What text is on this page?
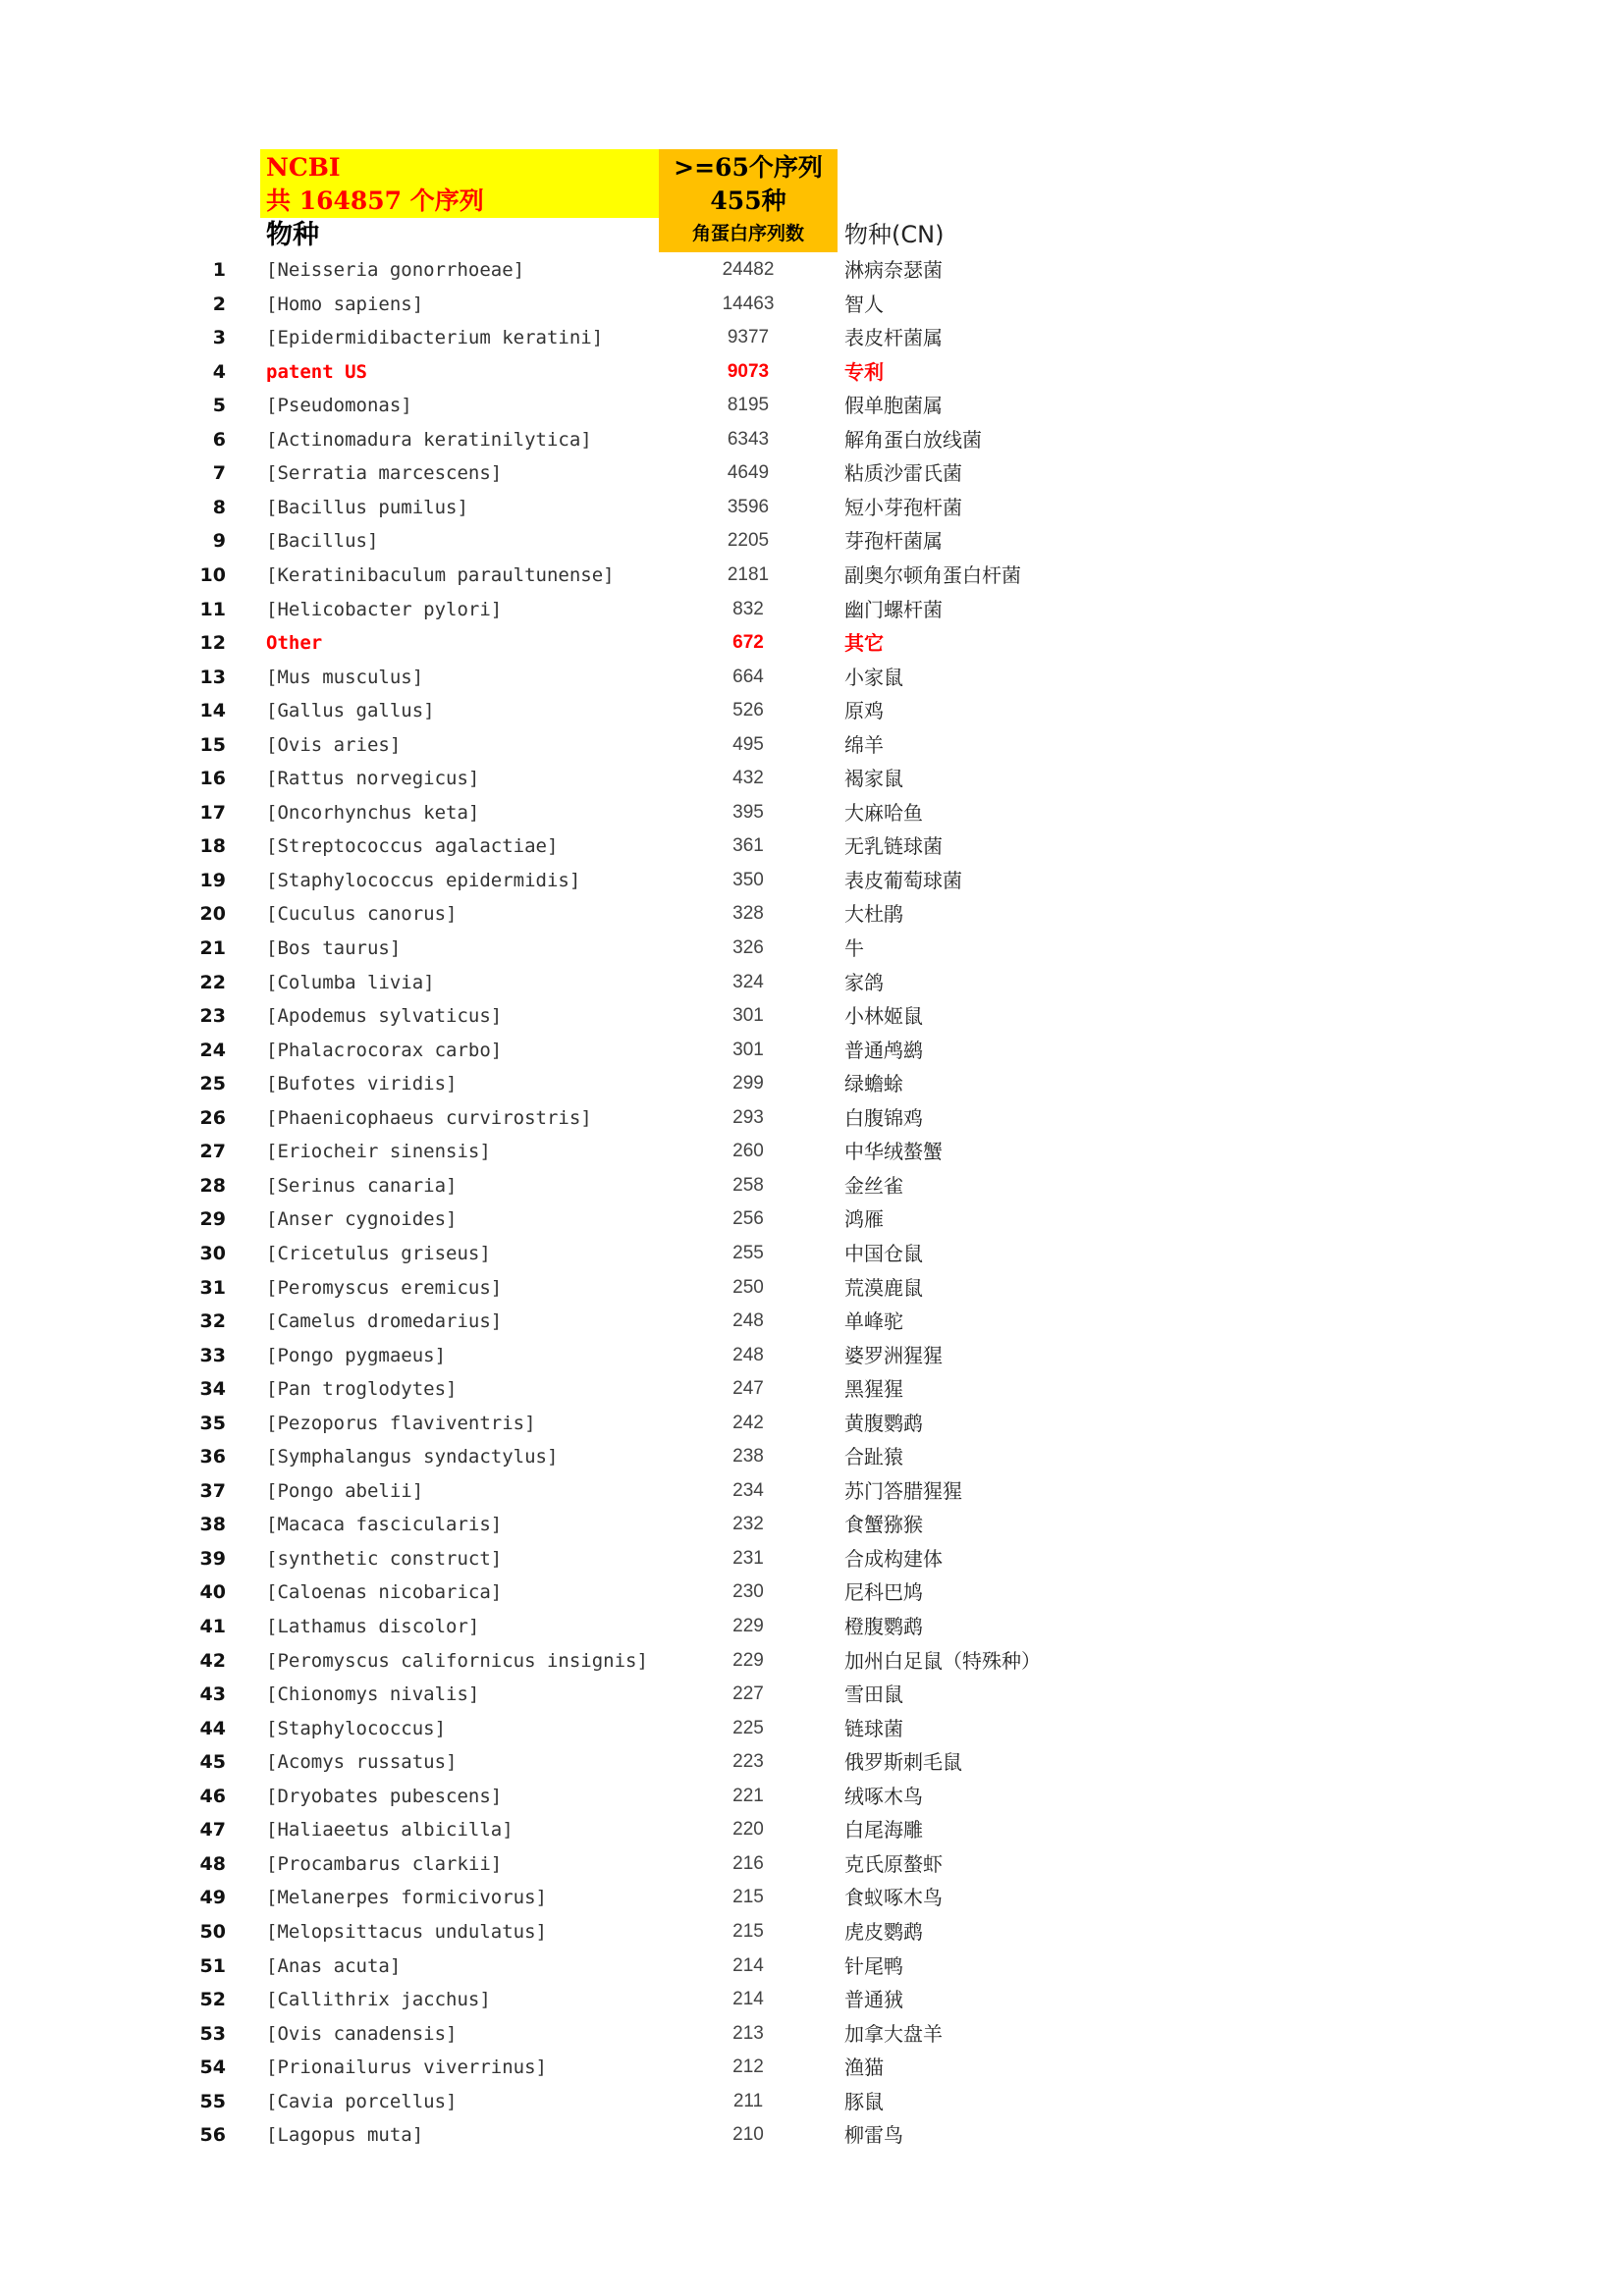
NCBI
共 164857 个序列
>=65个序列
455种
角蛋白序列数
物种	物种(CN)
1 [Neisseria gonorrhoeae]	24482	淋病奈瑟菌
2 [Homo sapiens]	14463	智人
3 [Epidermidibacterium keratini]	9377	表皮杆菌属
4 patent US	9073	专利
5 [Pseudomonas]	8195	假单胞菌属
6 [Actinomadura keratinilytica]	6343	解角蛋白放线菌
7 [Serratia marcescens]	4649	粘质沙雷氏菌
8 [Bacillus pumilus]	3596	短小芽孢杆菌
9 [Bacillus]	2205	芽孢杆菌属
10 [Keratinibaculum paraultunense]	2181	副奥尔顿角蛋白杆菌
11 [Helicobacter pylori]	832	幽门螺杆菌
12 Other	672	其它
13 [Mus musculus]	664	小家鼠
14 [Gallus gallus]	526	原鸡
15 [Ovis aries]	495	绵羊
16 [Rattus norvegicus]	432	褐家鼠
17 [Oncorhynchus keta]	395	大麻哈鱼
18 [Streptococcus agalactiae]	361	无乳链球菌
19 [Staphylococcus epidermidis]	350	表皮葡萄球菌
20 [Cuculus canorus]	328	大杜鹃
21 [Bos taurus]	326	牛
22 [Columba livia]	324	家鸽
23 [Apodemus sylvaticus]	301	小林姬鼠
24 [Phalacrocorax carbo]	301	普通鸬鹚
25 [Bufotes viridis]	299	绿蟾蜍
26 [Phaenicophaeus curvirostris]	293	白腹锦鸡
27 [Eriocheir sinensis]	260	中华绒螯蟹
28 [Serinus canaria]	258	金丝雀
29 [Anser cygnoides]	256	鸿雁
30 [Cricetulus griseus]	255	中国仓鼠
31 [Peromyscus eremicus]	250	荒漠鹿鼠
32 [Camelus dromedarius]	248	单峰驼
33 [Pongo pygmaeus]	248	婆罗洲猩猩
34 [Pan troglodytes]	247	黑猩猩
35 [Pezoporus flaviventris]	242	黄腹鹦鹉
36 [Symphalangus syndactylus]	238	合趾猿
37 [Pongo abelii]	234	苏门答腊猩猩
38 [Macaca fascicularis]	232	食蟹猕猴
39 [synthetic construct]	231	合成构建体
40 [Caloenas nicobarica]	230	尼科巴鸠
41 [Lathamus discolor]	229	橙腹鹦鹉
42 [Peromyscus californicus insignis]	229	加州白足鼠（特殊种）
43 [Chionomys nivalis]	227	雪田鼠
44 [Staphylococcus]	225	链球菌
45 [Acomys russatus]	223	俄罗斯刺毛鼠
46 [Dryobates pubescens]	221	绒啄木鸟
47 [Haliaeetus albicilla]	220	白尾海雕
48 [Procambarus clarkii]	216	克氏原螯虾
49 [Melanerpes formicivorus]	215	食蚁啄木鸟
50 [Melopsittacus undulatus]	215	虎皮鹦鹉
51 [Anas acuta]	214	针尾鸭
52 [Callithrix jacchus]	214	普通狨
53 [Ovis canadensis]	213	加拿大盘羊
54 [Prionailurus viverrinus]	212	渔猫
55 [Cavia porcellus]	211	豚鼠
56 [Lagopus muta]	210	柳雷鸟
